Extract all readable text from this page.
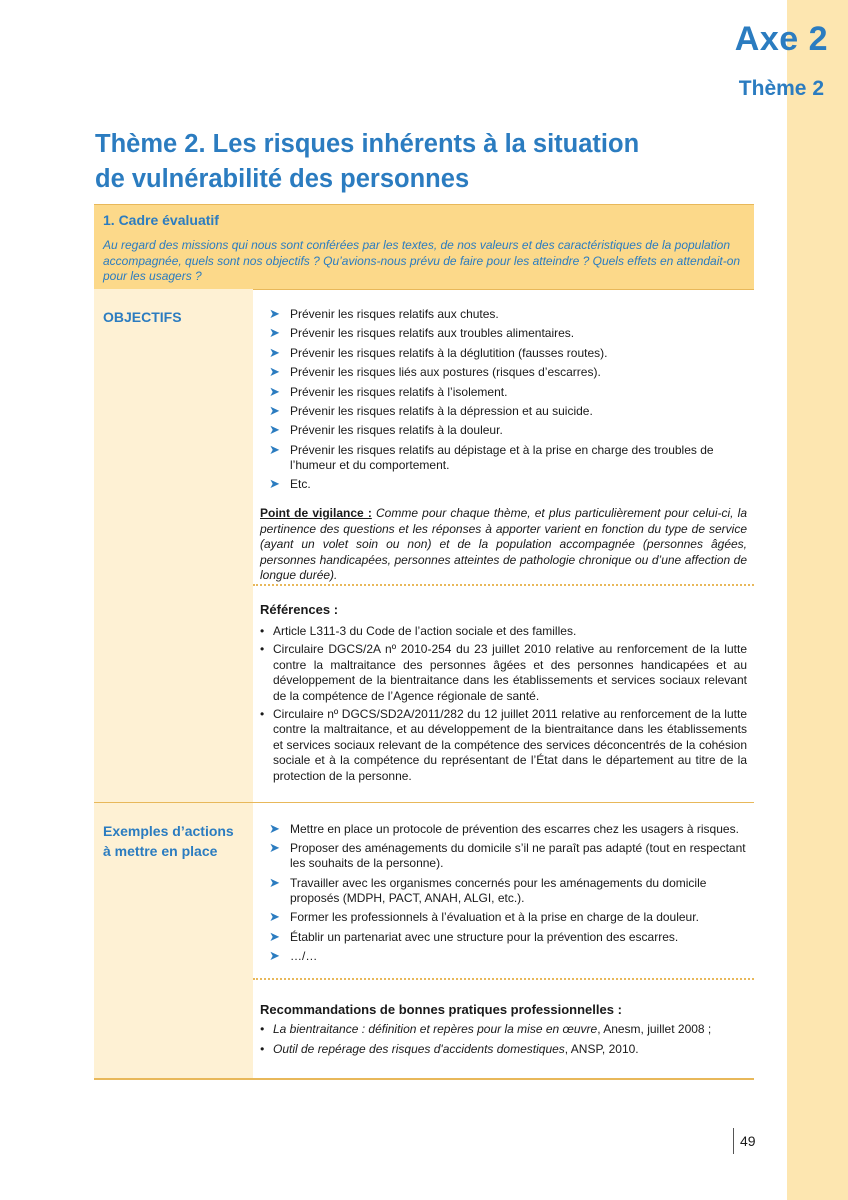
Axe 2
Thème 2
Thème 2. Les risques inhérents à la situation
de vulnérabilité des personnes
1. Cadre évaluatif
Au regard des missions qui nous sont conférées par les textes, de nos valeurs et des caractéristiques de la population accompagnée, quels sont nos objectifs ? Qu’avions-nous prévu de faire pour les atteindre ? Quels effets en attendait-on pour les usagers ?
OBJECTIFS	➤ Prévenir les risques relatifs aux chutes.
➤ Prévenir les risques relatifs aux troubles alimentaires.
➤ Prévenir les risques relatifs à la déglutition (fausses routes).
➤ Prévenir les risques liés aux postures (risques d’escarres).
➤ Prévenir les risques relatifs à l’isolement.
➤ Prévenir les risques relatifs à la dépression et au suicide.
➤ Prévenir les risques relatifs à la douleur.
➤ Prévenir les risques relatifs au dépistage et à la prise en charge des troubles de l’humeur et du comportement.
➤ Etc.
Point de vigilance : Comme pour chaque thème, et plus particulièrement pour celui-ci, la pertinence des questions et les réponses à apporter varient en fonction du type de service (ayant un volet soin ou non) et de la population accompagnée (personnes âgées, personnes handicapées, personnes atteintes de pathologie chronique ou d’une affection de longue durée).
Références :
• Article L311-3 du Code de l’action sociale et des familles.
• Circulaire DGCS/2A nº 2010-254 du 23 juillet 2010 relative au renforcement de la lutte contre la maltraitance des personnes âgées et des personnes handicapées et au développement de la bientraitance dans les établissements et services sociaux relevant de la compétence de l’Agence régionale de santé.
• Circulaire nº DGCS/SD2A/2011/282 du 12 juillet 2011 relative au renforcement de la lutte contre la maltraitance, et au développement de la bientraitance dans les établissements et services sociaux relevant de la compétence des services déconcentrés de la cohésion sociale et à la compétence du représentant de l’État dans le département au titre de la protection de la personne.
Exemples d’actions
à mettre en place
➤ Mettre en place un protocole de prévention des escarres chez les usagers à risques.
➤ Proposer des aménagements du domicile s’il ne paraît pas adapté (tout en respectant les souhaits de la personne).
➤ Travailler avec les organismes concernés pour les aménagements du domicile proposés (MDPH, PACT, ANAH, ALGI, etc.).
➤ Former les professionnels à l’évaluation et à la prise en charge de la douleur.
➤ Établir un partenariat avec une structure pour la prévention des escarres.
➤ …/…
Recommandations de bonnes pratiques professionnelles :
• La bientraitance : définition et repères pour la mise en œuvre, Anesm, juillet 2008 ;
• Outil de repérage des risques d'accidents domestiques, ANSP, 2010.
49
